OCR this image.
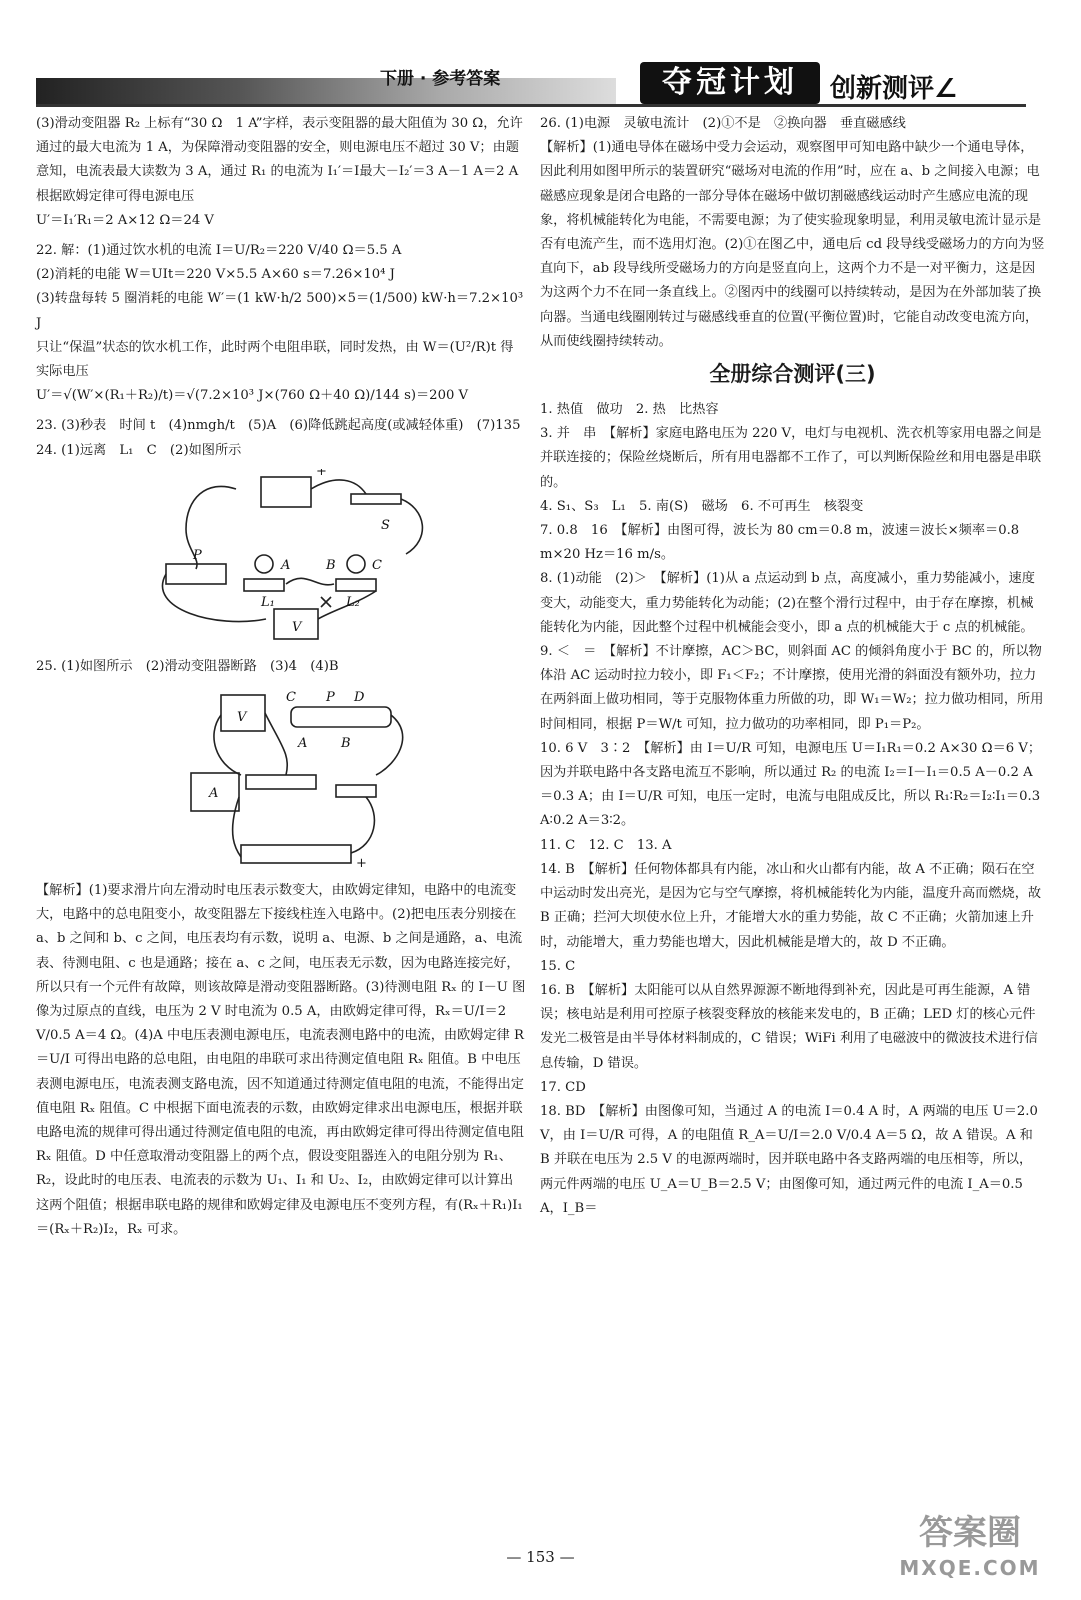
下册 · 参考答案	夺冠计划	创新测评∠

(3)滑动变阻器 R₂ 上标有“30 Ω　1 A”字样，表示变阻器的最大阻值为 30 Ω，允许通过的最大电流为 1 A，为保障滑动变阻器的安全，则电源电压不超过 30 V；由题意知，电流表最大读数为 3 A，通过 R₁ 的电流为 I₁′＝I最大－I₂′＝3 A－1 A＝2 A

根据欧姆定律可得电源电压

U′＝I₁′R₁＝2 A×12 Ω＝24 V

22. 解：(1)通过饮水机的电流 I＝U/R₂＝220 V/40 Ω＝5.5 A

(2)消耗的电能 W＝UIt＝220 V×5.5 A×60 s＝7.26×10⁴ J

(3)转盘每转 5 圈消耗的电能 W′＝(1 kW·h/2 500)×5＝(1/500) kW·h＝7.2×10³ J

只让“保温”状态的饮水机工作，此时两个电阻串联，同时发热，由 W＝(U²/R)t 得实际电压

U′＝√(W′×(R₁＋R₂)/t)＝√(7.2×10³ J×(760 Ω＋40 Ω)/144 s)＝200 V

23. (3)秒表　时间 t　(4)nmgh/t　(5)A　(6)降低跳起高度(或减轻体重)　(7)135

24. (1)远离　L₁　C　(2)如图所示

P
S
A	B	C
L₁	L₂
V
+

25. (1)如图所示　(2)滑动变阻器断路　(3)4　(4)B

C P D
A	B
V
A
+

【解析】(1)要求滑片向左滑动时电压表示数变大，由欧姆定律知，电路中的电流变大，电路中的总电阻变小，故变阻器左下接线柱连入电路中。(2)把电压表分别接在 a、b 之间和 b、c 之间，电压表均有示数，说明 a、电源、b 之间是通路，a、电流表、待测电阻、c 也是通路；接在 a、c 之间，电压表无示数，因为电路连接完好，所以只有一个元件有故障，则该故障是滑动变阻器断路。(3)待测电阻 Rₓ 的 I－U 图像为过原点的直线，电压为 2 V 时电流为 0.5 A，由欧姆定律可得，Rₓ＝U/I＝2 V/0.5 A＝4 Ω。(4)A 中电压表测电源电压，电流表测电路中的电流，由欧姆定律 R＝U/I 可得出电路的总电阻，由电阻的串联可求出待测定值电阻 Rₓ 阻值。B 中电压表测电源电压，电流表测支路电流，因不知道通过待测定值电阻的电流，不能得出定值电阻 Rₓ 阻值。C 中根据下面电流表的示数，由欧姆定律求出电源电压，根据并联电路电流的规律可得出通过待测定值电阻的电流，再由欧姆定律可得出待测定值电阻 Rₓ 阻值。D 中任意取滑动变阻器上的两个点，假设变阻器连入的电阻分别为 R₁、R₂，设此时的电压表、电流表的示数为 U₁、I₁ 和 U₂、I₂，由欧姆定律可以计算出这两个阻值；根据串联电路的规律和欧姆定律及电源电压不变列方程，有(Rₓ＋R₁)I₁＝(Rₓ＋R₂)I₂，Rₓ 可求。

26. (1)电源　灵敏电流计　(2)①不是　②换向器　垂直磁感线

【解析】(1)通电导体在磁场中受力会运动，观察图甲可知电路中缺少一个通电导体，因此利用如图甲所示的装置研究“磁场对电流的作用”时，应在 a、b 之间接入电源；电磁感应现象是闭合电路的一部分导体在磁场中做切割磁感线运动时产生感应电流的现象，将机械能转化为电能，不需要电源；为了使实验现象明显，利用灵敏电流计显示是否有电流产生，而不选用灯泡。(2)①在图乙中，通电后 cd 段导线受磁场力的方向为竖直向下，ab 段导线所受磁场力的方向是竖直向上，这两个力不是一对平衡力，这是因为这两个力不在同一条直线上。②图丙中的线圈可以持续转动，是因为在外部加装了换向器。当通电线圈刚转过与磁感线垂直的位置(平衡位置)时，它能自动改变电流方向，从而使线圈持续转动。

全册综合测评(三)

1. 热值　做功　2. 热　比热容

3. 并　串　【解析】家庭电路电压为 220 V，电灯与电视机、洗衣机等家用电器之间是并联连接的；保险丝烧断后，所有用电器都不工作了，可以判断保险丝和用电器是串联的。

4. S₁、S₃　L₁　5. 南(S)　磁场　6. 不可再生　核裂变

7. 0.8　16　【解析】由图可得，波长为 80 cm＝0.8 m，波速＝波长×频率＝0.8 m×20 Hz＝16 m/s。

8. (1)动能　(2)＞　【解析】(1)从 a 点运动到 b 点，高度减小，重力势能减小，速度变大，动能变大，重力势能转化为动能；(2)在整个滑行过程中，由于存在摩擦，机械能转化为内能，因此整个过程中机械能会变小，即 a 点的机械能大于 c 点的机械能。

9. ＜　＝　【解析】不计摩擦，AC＞BC，则斜面 AC 的倾斜角度小于 BC 的，所以物体沿 AC 运动时拉力较小，即 F₁＜F₂；不计摩擦，使用光滑的斜面没有额外功，拉力在两斜面上做功相同，等于克服物体重力所做的功，即 W₁＝W₂；拉力做功相同，所用时间相同，根据 P＝W/t 可知，拉力做功的功率相同，即 P₁＝P₂。

10. 6 V　3∶2　【解析】由 I＝U/R 可知，电源电压 U＝I₁R₁＝0.2 A×30 Ω＝6 V；因为并联电路中各支路电流互不影响，所以通过 R₂ 的电流 I₂＝I－I₁＝0.5 A－0.2 A＝0.3 A；由 I＝U/R 可知，电压一定时，电流与电阻成反比，所以 R₁∶R₂＝I₂∶I₁＝0.3 A∶0.2 A＝3∶2。

11. C　12. C　13. A

14. B　【解析】任何物体都具有内能，冰山和火山都有内能，故 A 不正确；陨石在空中运动时发出亮光，是因为它与空气摩擦，将机械能转化为内能，温度升高而燃烧，故 B 正确；拦河大坝使水位上升，才能增大水的重力势能，故 C 不正确；火箭加速上升时，动能增大，重力势能也增大，因此机械能是增大的，故 D 不正确。

15. C

16. B　【解析】太阳能可以从自然界源源不断地得到补充，因此是可再生能源，A 错误；核电站是利用可控原子核裂变释放的核能来发电的，B 正确；LED 灯的核心元件发光二极管是由半导体材料制成的，C 错误；WiFi 利用了电磁波中的微波技术进行信息传输，D 错误。

17. CD

18. BD　【解析】由图像可知，当通过 A 的电流 I＝0.4 A 时，A 两端的电压 U＝2.0 V，由 I＝U/R 可得，A 的电阻值 R_A＝U/I＝2.0 V/0.4 A＝5 Ω，故 A 错误。A 和 B 并联在电压为 2.5 V 的电源两端时，因并联电路中各支路两端的电压相等，所以，两元件两端的电压 U_A＝U_B＝2.5 V；由图像可知，通过两元件的电流 I_A＝0.5 A，I_B＝

— 153 —
答案圈
MXQE.COM
